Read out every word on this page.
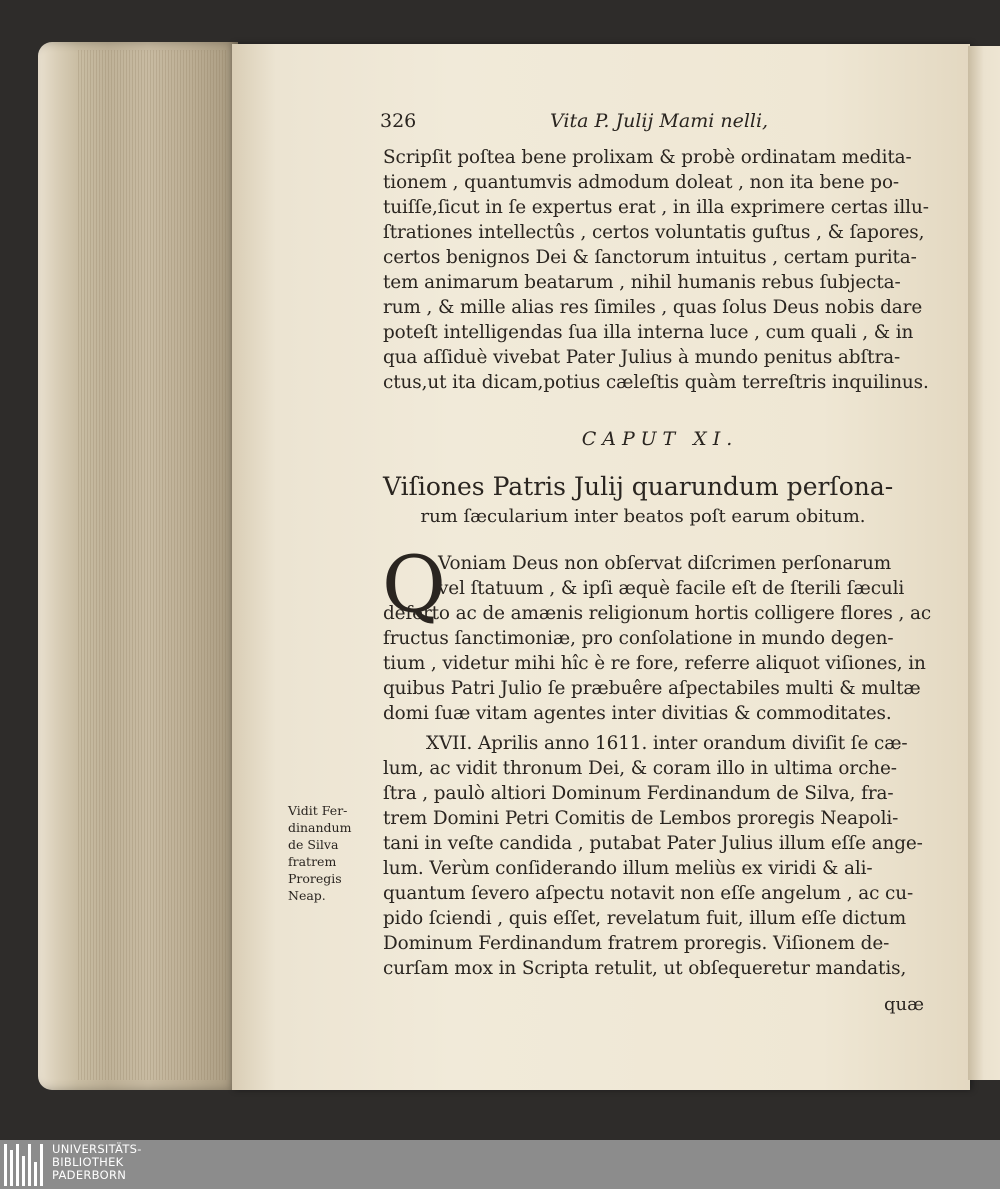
326	Vita P. Julij Mami nelli,
Scripſit poſtea bene prolixam & probè ordinatam medita-
tionem , quantumvis admodum doleat , non ita bene po-
tuiſſe,ſicut in ſe expertus erat , in illa exprimere certas illu-
ſtrationes intellectûs , certos voluntatis guſtus , & ſapores,
certos benignos Dei & ſanctorum intuitus , certam purita-
tem animarum beatarum , nihil humanis rebus ſubjecta-
rum , & mille alias res ſimiles , quas ſolus Deus nobis dare
poteſt intelligendas ſua illa interna luce , cum quali , & in
qua aſſiduè vivebat Pater Julius à mundo penitus abſtra-
ctus,ut ita dicam,potius cæleſtis quàm terreſtris inquilinus.
CAPUT XI.
Viſiones Patris Julij quarundum perſona-
rum ſæcularium inter beatos poſt earum obitum.
Q
Voniam Deus non obſervat diſcrimen perſonarum
vel ſtatuum , & ipſi æquè facile eſt de ſterili ſæculi
deſerto ac de amænis religionum hortis colligere flores , ac
fructus ſanctimoniæ, pro conſolatione in mundo degen-
tium , videtur mihi hîc è re fore, referre aliquot viſiones, in
quibus Patri Julio ſe præbuêre aſpectabiles multi & multæ
domi ſuæ vitam agentes inter divitias & commoditates.
XVII. Aprilis anno 1611. inter orandum diviſit ſe cæ-
lum, ac vidit thronum Dei, & coram illo in ultima orche-
ſtra , paulò altiori Dominum Ferdinandum de Silva, fra-
trem Domini Petri Comitis de Lembos proregis Neapoli-
tani in veſte candida , putabat Pater Julius illum eſſe ange-
lum. Verùm conſiderando illum meliùs ex viridi & ali-
quantum ſevero aſpectu notavit non eſſe angelum , ac cu-
pido ſciendi , quis eſſet, revelatum fuit, illum eſſe dictum
Dominum Ferdinandum fratrem proregis. Viſionem de-
curſam mox in Scripta retulit, ut obſequeretur mandatis,
Vidit Fer-
dinandum
de Silva
fratrem
Proregis
Neap.
quæ
UNIVERSITÄTS-
BIBLIOTHEK
PADERBORN
